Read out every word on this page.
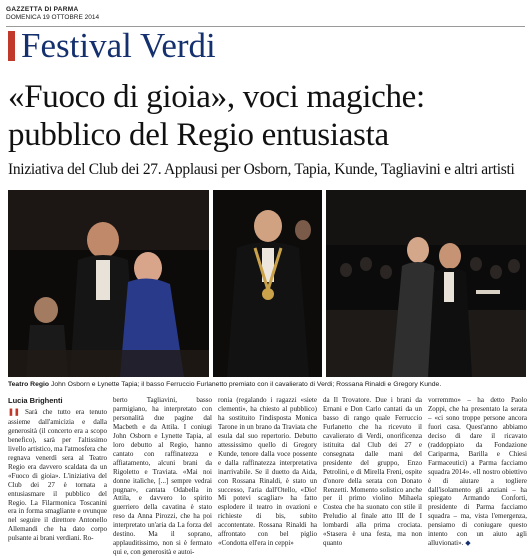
GAZZETTA DI PARMA
DOMENICA 19 OTTOBRE 2014
Festival Verdi
«Fuoco di gioia», voci magiche: pubblico del Regio entusiasta
Iniziativa del Club dei 27. Applausi per Osborn, Tapia, Kunde, Tagliavini e altri artisti
Teatro Regio John Osborn e Lynette Tapia; il basso Ferruccio Furlanetto premiato con il cavalierato di Verdi; Rossana Rinaldi e Gregory Kunde.
Lucia Brighenti
❚❚ Sarà che tutto era tenuto assieme dall'amicizia e dalla generosità (il concerto era a scopo benefico), sarà per l'altissimo livello artistico, ma l'atmosfera che regnava venerdì sera al Teatro Regio era davvero scaldata da un «Fuoco di gioia». L'iniziativa del Club dei 27 è tornata a entusiasmare il pubblico del Regio. La Filarmonica Toscanini era in forma smagliante e ovunque nel seguire il direttore Antonello Allemandi che ha dato corpo pulsante ai brani verdiani. Ro-
berto Tagliavini, basso parmigiano, ha interpretato con personalità due pagine dal Macbeth e da Attila. I coniugi John Osborn e Lynette Tapia, al loro debutto al Regio, hanno cantato con raffinatezza e affiatamento, alcuni brani da Rigoletto e Traviata. «Mai noi donne italiche, [...] sempre vedrai pugnar», cantata Odabella in Attila, e davvero lo spirito guerriero della cavatina è stato reso da Anna Pirozzi, che ha poi interpretato un'aria da La forza del destino. Ma il soprano, applauditissimo, non si è fermato qui e, con generosità e autoi-
ronia (regalando i ragazzi «siete clementi», ha chiesto al pubblico) ha sostituito l'indisposta Monica Tarone in un brano da Traviata che esula dal suo repertorio. Debutto attessissimo quello di Gregory Kunde, tenore dalla voce possente e dalla raffinatezza interpretativa inarrivabile. Se il duetto da Aida, con Rossana Rinaldi, è stato un successo, l'aria dall'Otello, «Dio! Mi potevi scagliar» ha fatto esplodere il teatro in ovazioni e richieste di bis, subito accontentate. Rossana Rinaldi ha affrontato con bel piglio «Condotta ell'era in ceppi»
da Il Trovatore. Due i brani da Ernani e Don Carlo cantati da un basso di rango quale Ferruccio Furlanetto che ha ricevuto il cavalierato di Verdi, onorificenza istituita dal Club dei 27 e consegnata dalle mani del presidente del gruppo, Enzo Petrolini, e di Mirella Freni, ospite d'onore della serata con Donato Renzetti. Momento solistico anche per il primo violino Mihaela Costea che ha suonato con stile il Preludio al finale atto III de I lombardi alla prima crociata. «Stasera è una festa, ma non quanto
vorremmo» – ha detto Paolo Zoppi, che ha presentato la serata – «ci sono troppe persone ancora fuori casa. Quest'anno abbiamo deciso di dare il ricavato (raddoppiato da Fondazione Cariparma, Barilla e Chiesi Farmaceutici) a Parma facciamo squadra 2014». «Il nostro obiettivo è di aiutare a togliere dall'isolamento gli anziani – ha spiegato Armando Conforti, presidente di Parma facciamo squadra – ma, vista l'emergenza, pensiamo di coniugare questo intento con un aiuto agli alluvionati». ◆
